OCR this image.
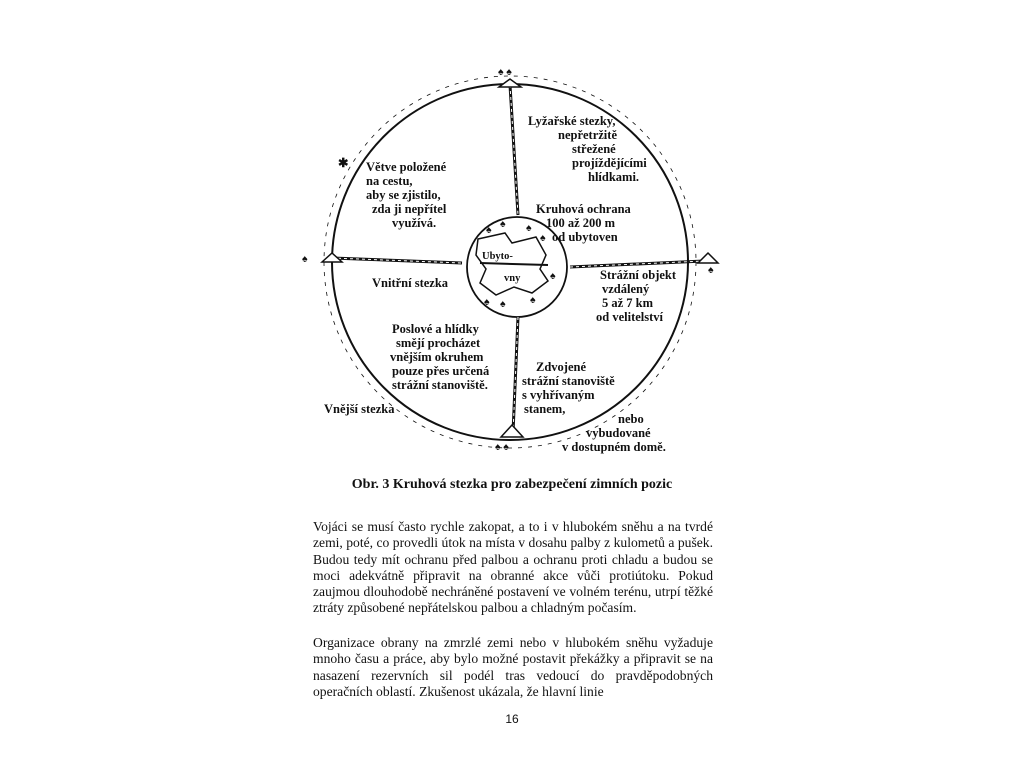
♠ ♠
♠ ♠
♠
♠
♠
♠ ♠
♠
♠
♠ ♠ ♠
✱
Lyžařské stezky,
nepřetržitě
střežené
projíždějícími
hlídkami.
Větve položené
na cestu,
aby se zjistilo,
zda ji nepřítel
využívá.
Kruhová ochrana
100 až 200 m
od ubytoven
Ubyto-
vny
Vnitřní stezka
Strážní objekt
vzdálený
5 až 7 km
od velitelství
Poslové a hlídky
smějí procházet
vnějším okruhem
pouze přes určená
strážní stanoviště.
Zdvojené
strážní stanoviště
s vyhřívaným
stanem,
nebo
vybudované
v dostupném domě.
Vnější stezka
Obr. 3 Kruhová stezka pro zabezpečení zimních pozic

Vojáci se musí často rychle zakopat, a to i v hlubokém sněhu a na tvrdé zemi, poté, co provedli útok na místa v dosahu palby z kulometů a pušek. Budou tedy mít ochranu před palbou a ochranu proti chladu a budou se moci adekvátně připravit na obranné akce vůči protiútoku. Pokud zaujmou dlouhodobě nechráněné postavení ve volném terénu, utrpí těžké ztráty způsobené nepřátelskou palbou a chladným počasím.

Organizace obrany na zmrzlé zemi nebo v hlubokém sněhu vyžaduje mnoho času a práce, aby bylo možné postavit překážky a připravit se na nasazení rezervních sil podél tras vedoucí do pravděpodobných operačních oblastí. Zkušenost ukázala, že hlavní linie

16
